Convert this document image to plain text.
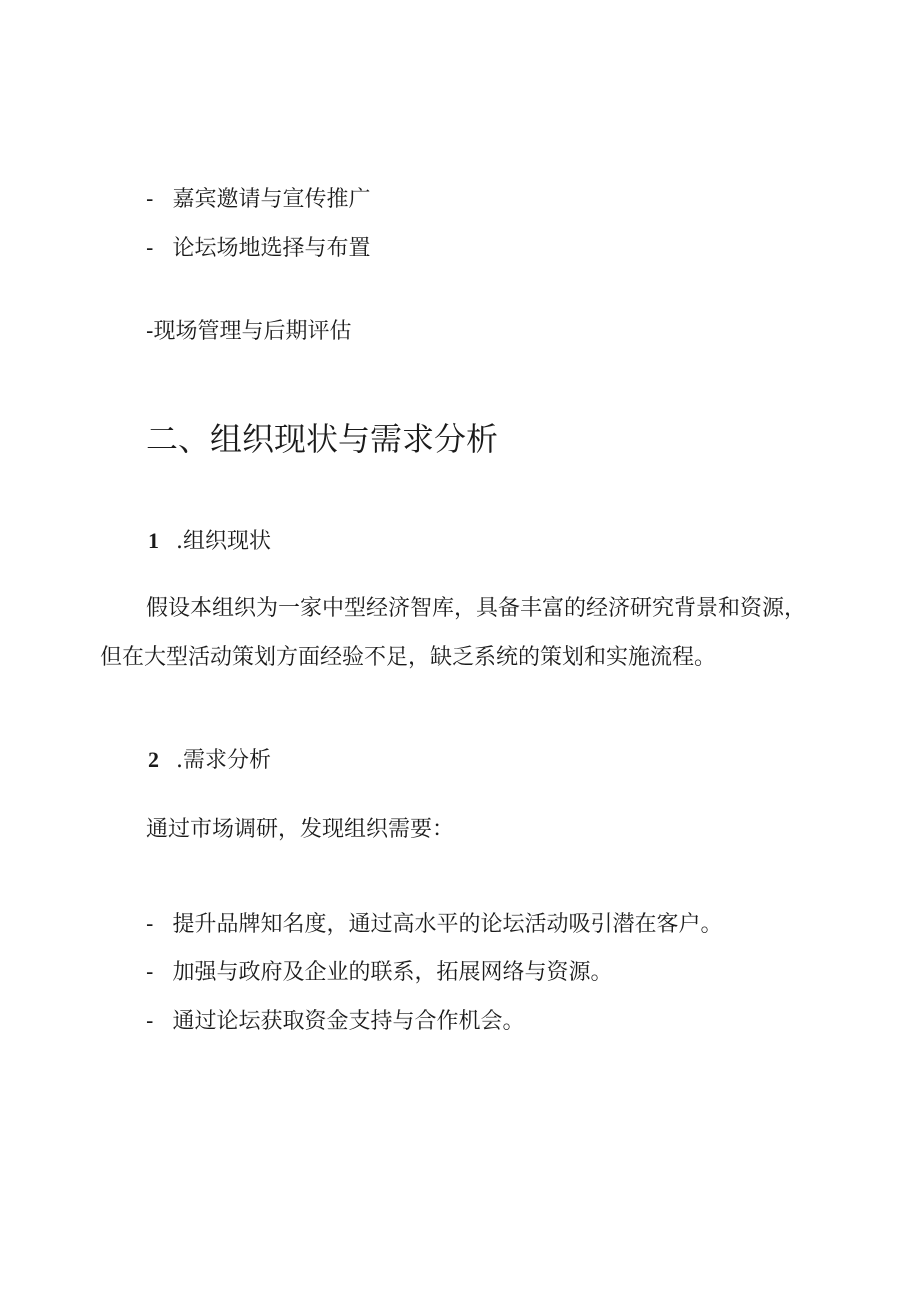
- 嘉宾邀请与宣传推广
- 论坛场地选择与布置
-现场管理与后期评估
二、组织现状与需求分析
1 .组织现状
假设本组织为一家中型经济智库，具备丰富的经济研究背景和资源，
但在大型活动策划方面经验不足，缺乏系统的策划和实施流程。
2 .需求分析
通过市场调研，发现组织需要：
- 提升品牌知名度，通过高水平的论坛活动吸引潜在客户。
- 加强与政府及企业的联系，拓展网络与资源。
- 通过论坛获取资金支持与合作机会。
